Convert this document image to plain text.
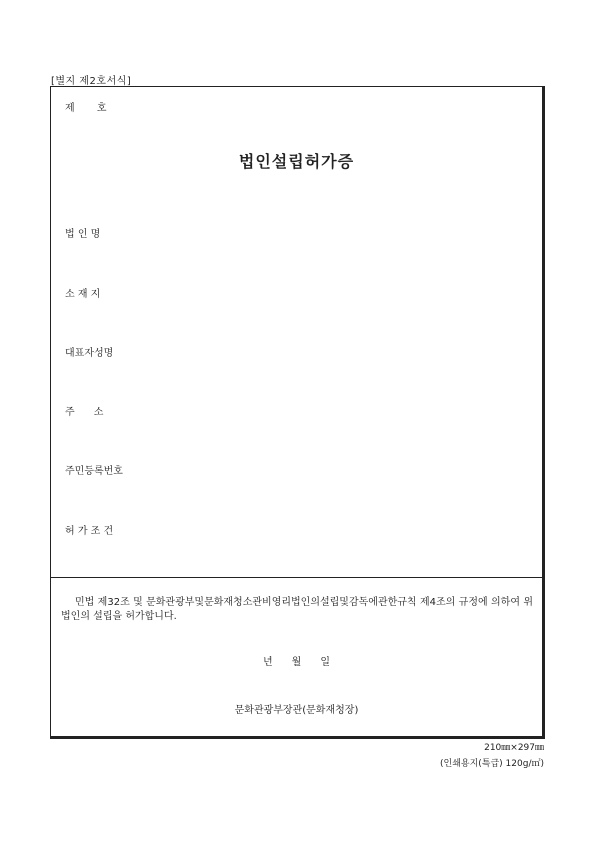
[별지 제2호서식]
제       호
법인설립허가증
법 인 명
소 재 지
대표자성명
주      소
주민등록번호
허 가 조 건
민법 제32조 및 문화관광부및문화재청소관비영리법인의설립및감독에관한규칙 제4조의 규정에 의하여 위 법인의 설립을 허가합니다.
년      월      일
문화관광부장관(문화재청장)
210㎜×297㎜
(인쇄용지(특급) 120g/㎡)
